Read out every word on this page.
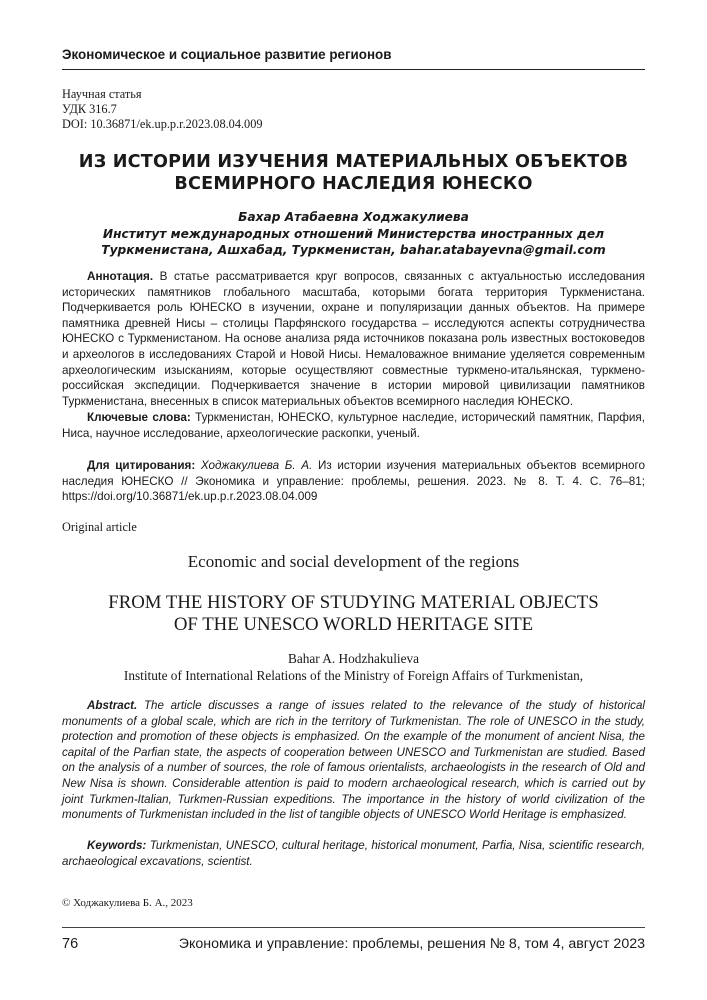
Экономическое и социальное развитие регионов
Научная статья
УДК 316.7
DOI: 10.36871/ek.up.p.r.2023.08.04.009
ИЗ ИСТОРИИ ИЗУЧЕНИЯ МАТЕРИАЛЬНЫХ ОБЪЕКТОВ ВСЕМИРНОГО НАСЛЕДИЯ ЮНЕСКО
Бахар Атабаевна Ходжакулиева
Институт международных отношений Министерства иностранных дел
Туркменистана, Ашхабад, Туркменистан, bahar.atabayevna@gmail.com

Аннотация. В статье рассматривается круг вопросов, связанных с актуальностью исследования исторических памятников глобального масштаба, которыми богата территория Туркменистана. Подчеркивается роль ЮНЕСКО в изучении, охране и популяризации данных объектов. На примере памятника древней Нисы – столицы Парфянского государства – исследуются аспекты сотрудничества ЮНЕСКО с Туркменистаном. На основе анализа ряда источников показана роль известных востоковедов и археологов в исследованиях Старой и Новой Нисы. Немаловажное внимание уделяется современным археологическим изысканиям, которые осуществляют совместные туркмено-итальянская, туркмено-российская экспедиции. Подчеркивается значение в истории мировой цивилизации памятников Туркменистана, внесенных в список материальных объектов всемирного наследия ЮНЕСКО.

Ключевые слова: Туркменистан, ЮНЕСКО, культурное наследие, исторический памятник, Парфия, Ниса, научное исследование, археологические раскопки, ученый.

Для цитирования: Ходжакулиева Б. А. Из истории изучения материальных объектов всемирного наследия ЮНЕСКО // Экономика и управление: проблемы, решения. 2023. № 8. Т. 4. С. 76–81; https://doi.org/10.36871/ek.up.p.r.2023.08.04.009

Original article
Economic and social development of the regions
FROM THE HISTORY OF STUDYING MATERIAL OBJECTS
OF THE UNESCO WORLD HERITAGE SITE
Bahar A. Hodzhakulieva
Institute of International Relations of the Ministry of Foreign Affairs of Turkmenistan,

Abstract. The article discusses a range of issues related to the relevance of the study of historical monuments of a global scale, which are rich in the territory of Turkmenistan. The role of UNESCO in the study, protection and promotion of these objects is emphasized. On the example of the monument of ancient Nisa, the capital of the Parfian state, the aspects of cooperation between UNESCO and Turkmenistan are studied. Based on the analysis of a number of sources, the role of famous orientalists, archaeologists in the research of Old and New Nisa is shown. Considerable attention is paid to modern archaeological research, which is carried out by joint Turkmen-Italian, Turkmen-Russian expeditions. The importance in the history of world civilization of the monuments of Turkmenistan included in the list of tangible objects of UNESCO World Heritage is emphasized.

Keywords: Turkmenistan, UNESCO, cultural heritage, historical monument, Parfia, Nisa, scientific research, archaeological excavations, scientist.

© Ходжакулиева Б. А., 2023
76	Экономика и управление: проблемы, решения № 8, том 4, август 2023
